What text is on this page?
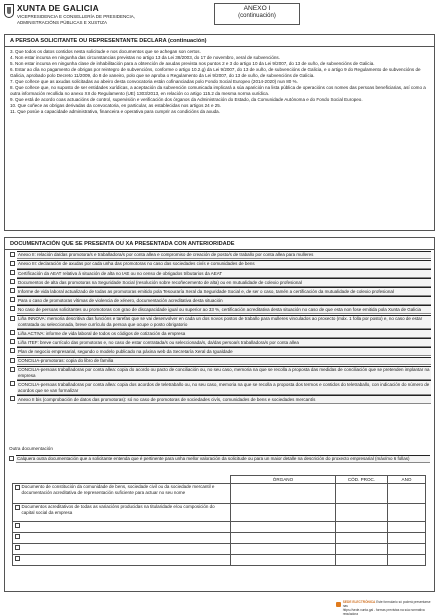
XUNTA DE GALICIA
VICEPRESIDENCIA E CONSELLERÍA DE PRESIDENCIA,
ADMINISTRACIÓNS PÚBLICAS E XUSTIZA
ANEXO I
(continuación)
A PERSOA SOLICITANTE OU REPRESENTANTE DECLARA (continuación)
3. Que todos os datos contidos nesta solicitude e nos documentos que se achegan son certos.
4. Non estar incursa en ningunha das circunstancias previstas no artigo 13 da Lei 38/2003, do 17 de novembro, xeral de subvencións.
5. Non estar incursa en ningunha clase de inhabilitación para a obtención de axudas prevista nos puntos 2 e 3 do artigo 10 da Lei 9/2007, do 13 de xuño, de subvencións de Galicia.
6. Estar ao día no pagamento de obrigas por reintegro de subvencións, conforme o artigo 10.2.g) da Lei 9/2007, do 13 de xuño, de subvencións de Galicia, e o artigo 9 do Regulamento de subvencións de Galicia, aprobado polo Decreto 11/2009, do 8 de xaneiro, polo que se aproba o Regulamento da Lei 9/2007, do 13 de xuño, de subvencións de Galicia.
7. Que coñece que as axudas solicitadas ao abeiro desta convocatoria están cofinanciadas polo Fondo Social Europeo (2014-2020) nun 80 %.
8. Que coñece que, no suposto de ser entidades xurídicas, a aceptación da subvención comunicada implicará a súa aparición na lista pública de operacións cos nomes das persoas beneficiarias, así como a outra información recollida no anexo XII do Regulamento (UE) 1303/2013, en relación co artigo 115.2 da mesma norma xurídica.
9. Que está de acordo coas actuacións de control, supervisión e verificación dos órganos da Administración do Estado, da Comunidade Autónoma e do Fondo Social Europeo.
10. Que coñece as obrigas derivadas da convocatoria, en particular, as establecidas nos artigos 24 e 25.
11. Que posúe a capacidade administrativa, financeira e operativa para cumprir as condicións da axuda.
DOCUMENTACIÓN QUE SE PRESENTA OU XA PRESENTADA CON ANTERIORIDADE
Anexo II: relación da/das promotora/s e traballadora/s por conta allea e compromiso de creación de posto/s de traballo por conta allea para mulleres
Anexo III: declaración de axudas por cada unha das promotoras no caso das sociedades civís e comunidades de bens
Certificación da AEAT relativa á situación de alta no IAE ou no censo de obrigados tributarios da AEAT
Documentos de alta das promotoras na Seguridade Social (resolución sobre recoñecemento de alta) ou en mutualidade de colexio profesional
Informe de vida laboral actualizado de todas as promotoras emitido pola Tesouraría Xeral da Seguridade Social e, de ser o caso, tamén a certificación da mutualidade de colexio profesional
Para o caso de promotoras vítimas de violencia de xénero, documentación acreditativa desta situación
No caso de persoas solicitantes ou promotoras con grao de discapacidade igual ou superior ao 33 %, certificación acreditativa desta situación no caso de que esta non fose emitida pola Xunta de Galicia
Liña INNOVA: memoria descritiva das funcións e tarefas que se vai desenvolver en cada un dos novos postos de traballo para mulleres vinculados ao proxecto (máx. 1 folla por posto) e, no caso de estar contratada ou seleccionada, breve currículo da persoa que ocupe o posto obrigatorio
Liña ACTIVA: informe de vida laboral de todos os códigos de cotización da empresa
Liña ITEF: breve currículo das promotoras e, no caso de estar contratada/s ou seleccionada/s, da/das persoa/s traballadora/s por conta allea
Plan de negocio empresarial, segundo o modelo publicado na páxina web da Secretaría Xeral da Igualdade
CONCILIA-promotoras: copia do libro de familia
CONCILIA-persoas traballadoras por conta allea: copia do acordo ou pacto de conciliación ou, no seu caso, memoria na que se recolla a proposta das medidas de conciliación que se pretenden implantar na empresa
CONCILIA-persoas traballadoras por conta allea: copia dos acordos de teletraballo ou, no seu caso, memoria na que se recolla a proposta dos termos e contidos do teletraballo, con indicación do número de acordos que se van formalizar
Anexo II bis (comprobación de datos das promotoras): só no caso de promotoras de sociedades civís, comunidades de bens e sociedades mercantís
Outra documentación
Calquera outra documentación que a solicitante entenda que é pertinente para unha mellor valoración da solicitude ou para un maior detalle na descrición do proxecto empresarial (máx/mo 6 follas)
	ÓRGANO	CÓD. PROC.	ANO

Documento de constitución da comunidade de bens, sociedade civil ou da sociedade mercantil e documentación acreditativa de representación suficiente para actuar no seu nome			

Documentos acreditativos de todas as variacións producidas na titularidade e/ou composición do capital social da empresa			

SEDE ELECTRÓNICA Este formulario só poderá presentarse nas
https://sede.xunta.gal - formas previstas na súa normativa reguladora
